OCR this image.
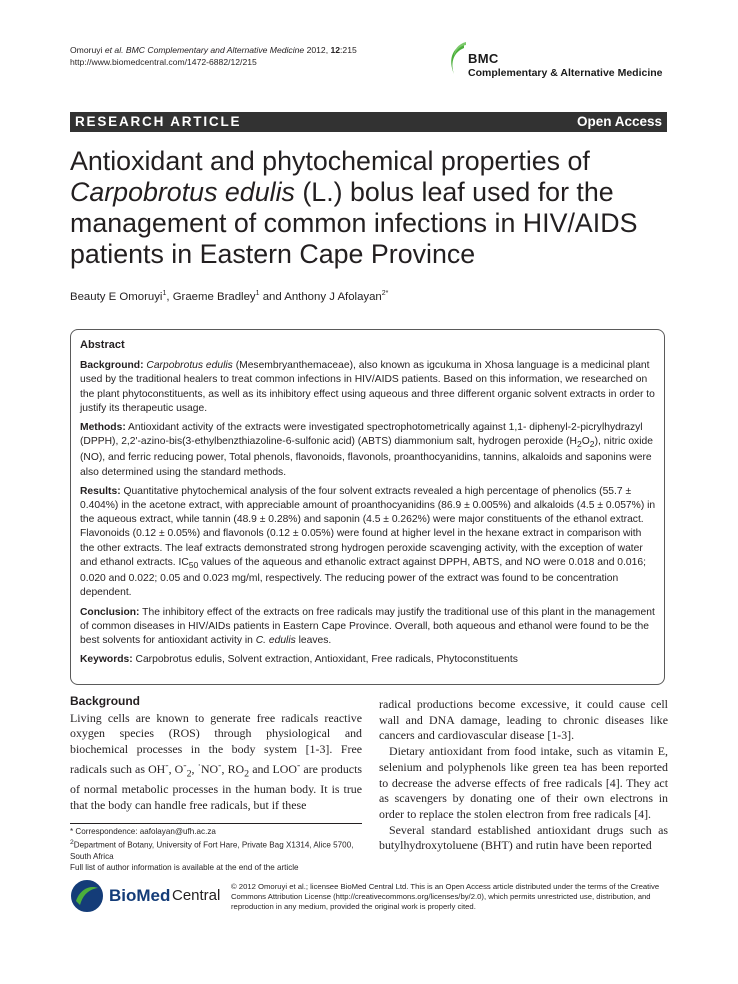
Omoruyi et al. BMC Complementary and Alternative Medicine 2012, 12:215
http://www.biomedcentral.com/1472-6882/12/215	BMC
Complementary & Alternative Medicine
RESEARCH ARTICLE	Open Access
Antioxidant and phytochemical properties of Carpobrotus edulis (L.) bolus leaf used for the management of common infections in HIV/AIDS patients in Eastern Cape Province
Beauty E Omoruyi$^1$, Graeme Bradley$^1$ and Anthony J Afolayan$^{2*}$
Abstract

Background: Carpobrotus edulis (Mesembryanthemaceae), also known as igcukuma in Xhosa language is a medicinal plant used by the traditional healers to treat common infections in HIV/AIDS patients. Based on this information, we researched on the plant phytoconstituents, as well as its inhibitory effect using aqueous and three different organic solvent extracts in order to justify its therapeutic usage.

Methods: Antioxidant activity of the extracts were investigated spectrophotometrically against 1,1- diphenyl-2-picrylhydrazyl (DPPH), 2,2'-azino-bis(3-ethylbenzthiazoline-6-sulfonic acid) (ABTS) diammonium salt, hydrogen peroxide $(H_2O_2)$, nitric oxide (NO), and ferric reducing power, Total phenols, flavonoids, flavonols, proanthocyanidins, tannins, alkaloids and saponins were also determined using the standard methods.

Results: Quantitative phytochemical analysis of the four solvent extracts revealed a high percentage of phenolics (55.7 ± 0.404%) in the acetone extract, with appreciable amount of proanthocyanidins (86.9 ± 0.005%) and alkaloids (4.5 ± 0.057%) in the aqueous extract, while tannin (48.9 ± 0.28%) and saponin (4.5 ± 0.262%) were major constituents of the ethanol extract. Flavonoids (0.12 ± 0.05%) and flavonols (0.12 ± 0.05%) were found at higher level in the hexane extract in comparison with the other extracts. The leaf extracts demonstrated strong hydrogen peroxide scavenging activity, with the exception of water and ethanol extracts. $IC_{50}$ values of the aqueous and ethanolic extract against DPPH, ABTS, and NO were 0.018 and 0.016; 0.020 and 0.022; 0.05 and 0.023 mg/ml, respectively. The reducing power of the extract was found to be concentration dependent.

Conclusion: The inhibitory effect of the extracts on free radicals may justify the traditional use of this plant in the management of common diseases in HIV/AIDs patients in Eastern Cape Province. Overall, both aqueous and ethanol were found to be the best solvents for antioxidant activity in C. edulis leaves.

Keywords: Carpobrotus edulis, Solvent extraction, Antioxidant, Free radicals, Phytoconstituents

Background

Living cells are known to generate free radicals reactive oxygen species (ROS) through physiological and biochemical processes in the body system [1-3]. Free radicals such as OH-, $O^-_2$, ·NO-, $RO_2$ and LOO- are products of normal metabolic processes in the human body. It is true that the body can handle free radicals, but if these

radical productions become excessive, it could cause cell wall and DNA damage, leading to chronic diseases like cancers and cardiovascular disease [1-3].

Dietary antioxidant from food intake, such as vitamin E, selenium and polyphenols like green tea has been reported to decrease the adverse effects of free radicals [4]. They act as scavengers by donating one of their own electrons in order to replace the stolen electron from free radicals [4].

Several standard established antioxidant drugs such as butylhydroxytoluene (BHT) and rutin have been reported

* Correspondence: aafolayan@ufh.ac.za

$^2$Department of Botany, University of Fort Hare, Private Bag X1314, Alice 5700, South Africa

Full list of author information is available at the end of the article

BioMed Central
© 2012 Omoruyi et al.; licensee BioMed Central Ltd. This is an Open Access article distributed under the terms of the Creative Commons Attribution License (http://creativecommons.org/licenses/by/2.0), which permits unrestricted use, distribution, and reproduction in any medium, provided the original work is properly cited.
